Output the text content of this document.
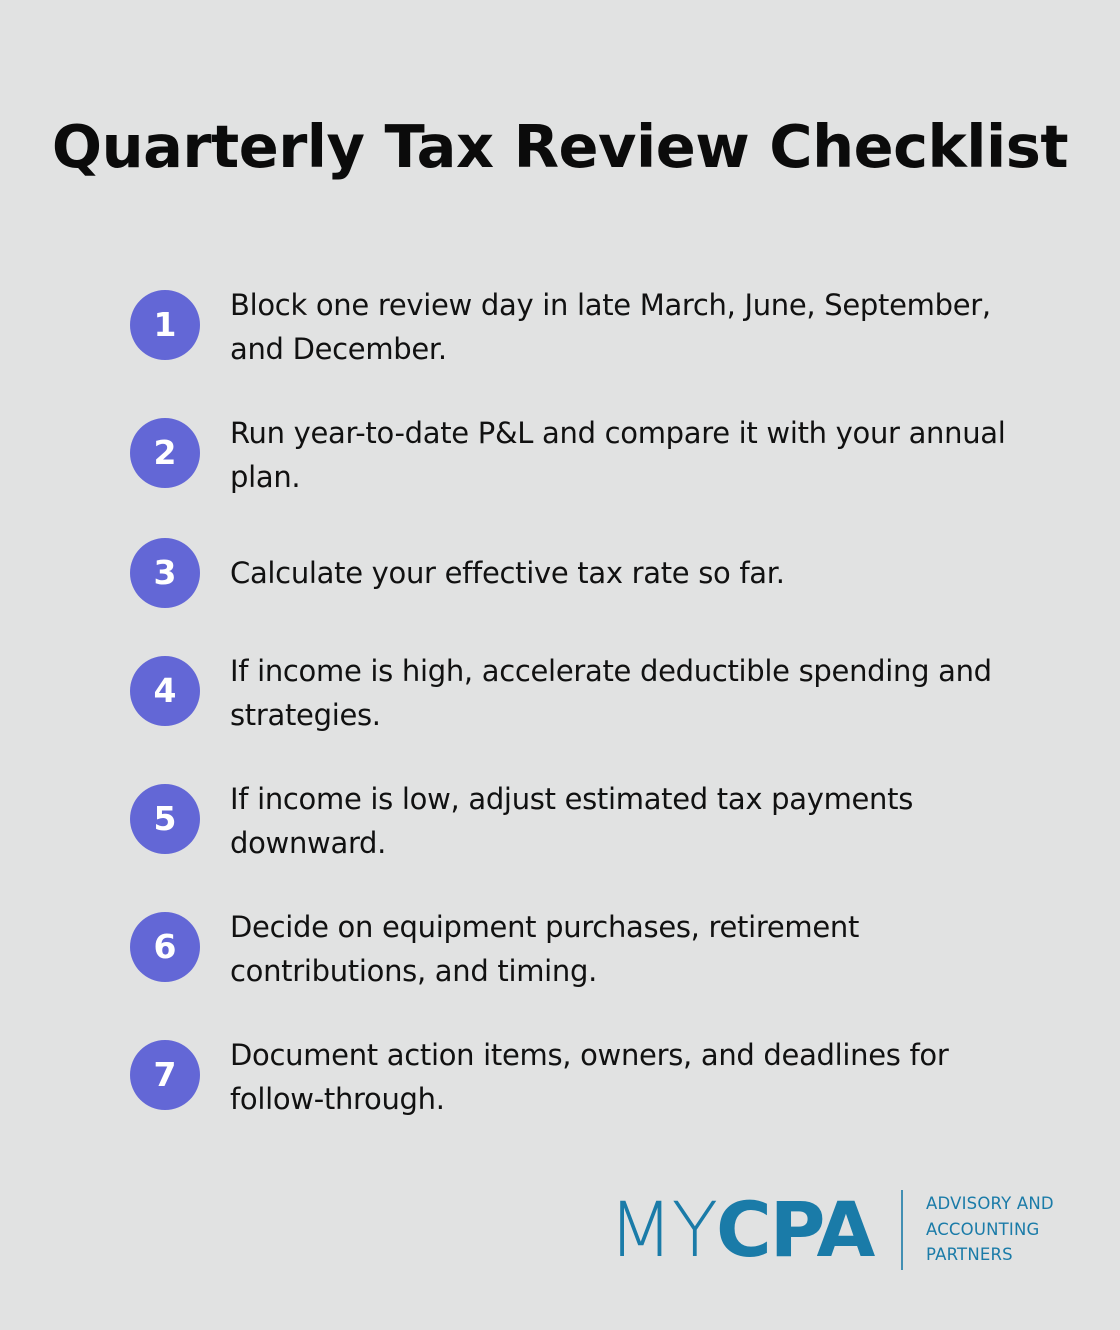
Quarterly Tax Review Checklist
1	Block one review day in late March, June, September, and December.
2	Run year-to-date P&L and compare it with your annual plan.
3	Calculate your effective tax rate so far.
4	If income is high, accelerate deductible spending and strategies.
5	If income is low, adjust estimated tax payments downward.
6	Decide on equipment purchases, retirement contributions, and timing.
7	Document action items, owners, and deadlines for follow-through.
MYCPA	ADVISORY AND
ACCOUNTING
PARTNERS
